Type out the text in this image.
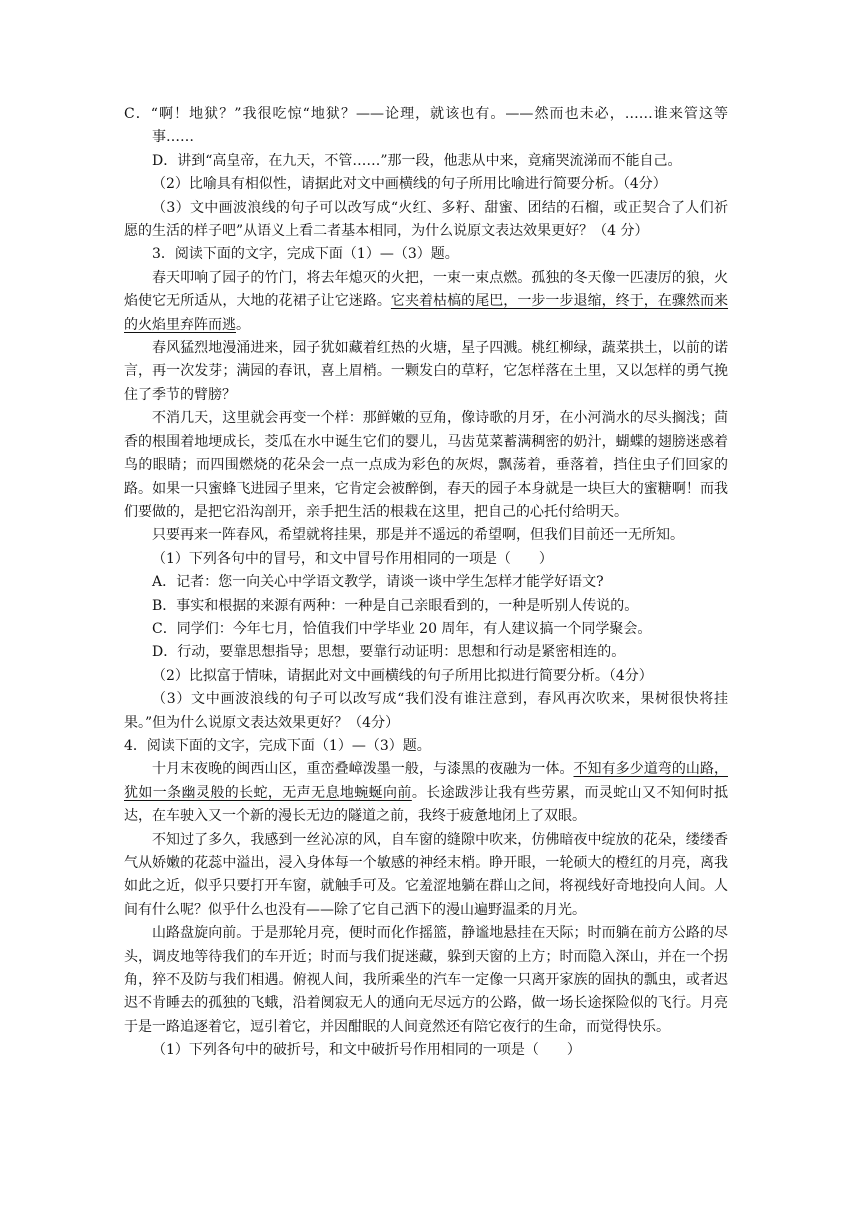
C．“啊！地狱？”我很吃惊“地狱？——论理，就该也有。——然而也未必，……谁来管这等事……

D．讲到“高皇帝，在九天，不管……”那一段，他悲从中来，竟痛哭流涕而不能自己。

（2）比喻具有相似性，请据此对文中画横线的句子所用比喻进行简要分析。（4分）

（3）文中画波浪线的句子可以改写成“火红、多籽、甜蜜、团结的石榴，或正契合了人们祈愿的生活的样子吧”从语义上看二者基本相同，为什么说原文表达效果更好？（4 分）

3．阅读下面的文字，完成下面（1）—（3）题。

春天叩响了园子的竹门，将去年熄灭的火把，一束一束点燃。孤独的冬天像一匹凄厉的狼，火焰使它无所适从，大地的花裙子让它迷路。它夹着枯槁的尾巴，一步一步退缩，终于，在骤然而来的火焰里弃阵而逃。

春风猛烈地漫涌进来，园子犹如藏着红热的火塘，星子四溅。桃红柳绿，蔬菜拱土，以前的诺言，再一次发芽；满园的春讯，喜上眉梢。一颗发白的草籽，它怎样落在土里，又以怎样的勇气挽住了季节的臂膀？

不消几天，这里就会再变一个样：那鲜嫩的豆角，像诗歌的月牙，在小河淌水的尽头搁浅；茴香的根围着地埂成长，茭瓜在水中诞生它们的婴儿，马齿苋菜蓄满稠密的奶汁，蝴蝶的翅膀迷惑着鸟的眼睛；而四围燃烧的花朵会一点一点成为彩色的灰烬，飘荡着，垂落着，挡住虫子们回家的路。如果一只蜜蜂飞进园子里来，它肯定会被醉倒，春天的园子本身就是一块巨大的蜜糖啊！而我们要做的，是把它沿沟剖开，亲手把生活的根栽在这里，把自己的心托付给明天。

只要再来一阵春风，希望就将挂果，那是并不遥远的希望啊，但我们目前还一无所知。

（1）下列各句中的冒号，和文中冒号作用相同的一项是（　　）

A．记者：您一向关心中学语文教学，请谈一谈中学生怎样才能学好语文?

B．事实和根据的来源有两种：一种是自己亲眼看到的，一种是听别人传说的。

C．同学们：今年七月，恰值我们中学毕业 20 周年，有人建议搞一个同学聚会。

D．行动，要靠思想指导；思想，要靠行动证明：思想和行动是紧密相连的。

（2）比拟富于情味，请据此对文中画横线的句子所用比拟进行简要分析。（4分）

（3）文中画波浪线的句子可以改写成“我们没有谁注意到，春风再次吹来，果树很快将挂果。”但为什么说原文表达效果更好？（4分）

4．阅读下面的文字，完成下面（1）—（3）题。

十月末夜晚的闽西山区，重峦叠嶂泼墨一般，与漆黑的夜融为一体。不知有多少道弯的山路，犹如一条幽灵般的长蛇，无声无息地蜿蜒向前。长途跋涉让我有些劳累，而灵蛇山又不知何时抵达，在车驶入又一个新的漫长无边的隧道之前，我终于疲惫地闭上了双眼。

不知过了多久，我感到一丝沁凉的风，自车窗的缝隙中吹来，仿佛暗夜中绽放的花朵，缕缕香气从娇嫩的花蕊中溢出，浸入身体每一个敏感的神经末梢。睁开眼，一轮硕大的橙红的月亮，离我如此之近，似乎只要打开车窗，就触手可及。它羞涩地躺在群山之间，将视线好奇地投向人间。人间有什么呢？似乎什么也没有——除了它自己洒下的漫山遍野温柔的月光。

山路盘旋向前。于是那轮月亮，便时而化作摇篮，静谧地悬挂在天际；时而躺在前方公路的尽头，调皮地等待我们的车开近；时而与我们捉迷藏，躲到天窗的上方；时而隐入深山，并在一个拐角，猝不及防与我们相遇。俯视人间，我所乘坐的汽车一定像一只离开家族的固执的瓢虫，或者迟迟不肯睡去的孤独的飞蛾，沿着阒寂无人的通向无尽远方的公路，做一场长途探险似的飞行。月亮于是一路追逐着它，逗引着它，并因酣眠的人间竟然还有陪它夜行的生命，而觉得快乐。

（1）下列各句中的破折号，和文中破折号作用相同的一项是（　　）
